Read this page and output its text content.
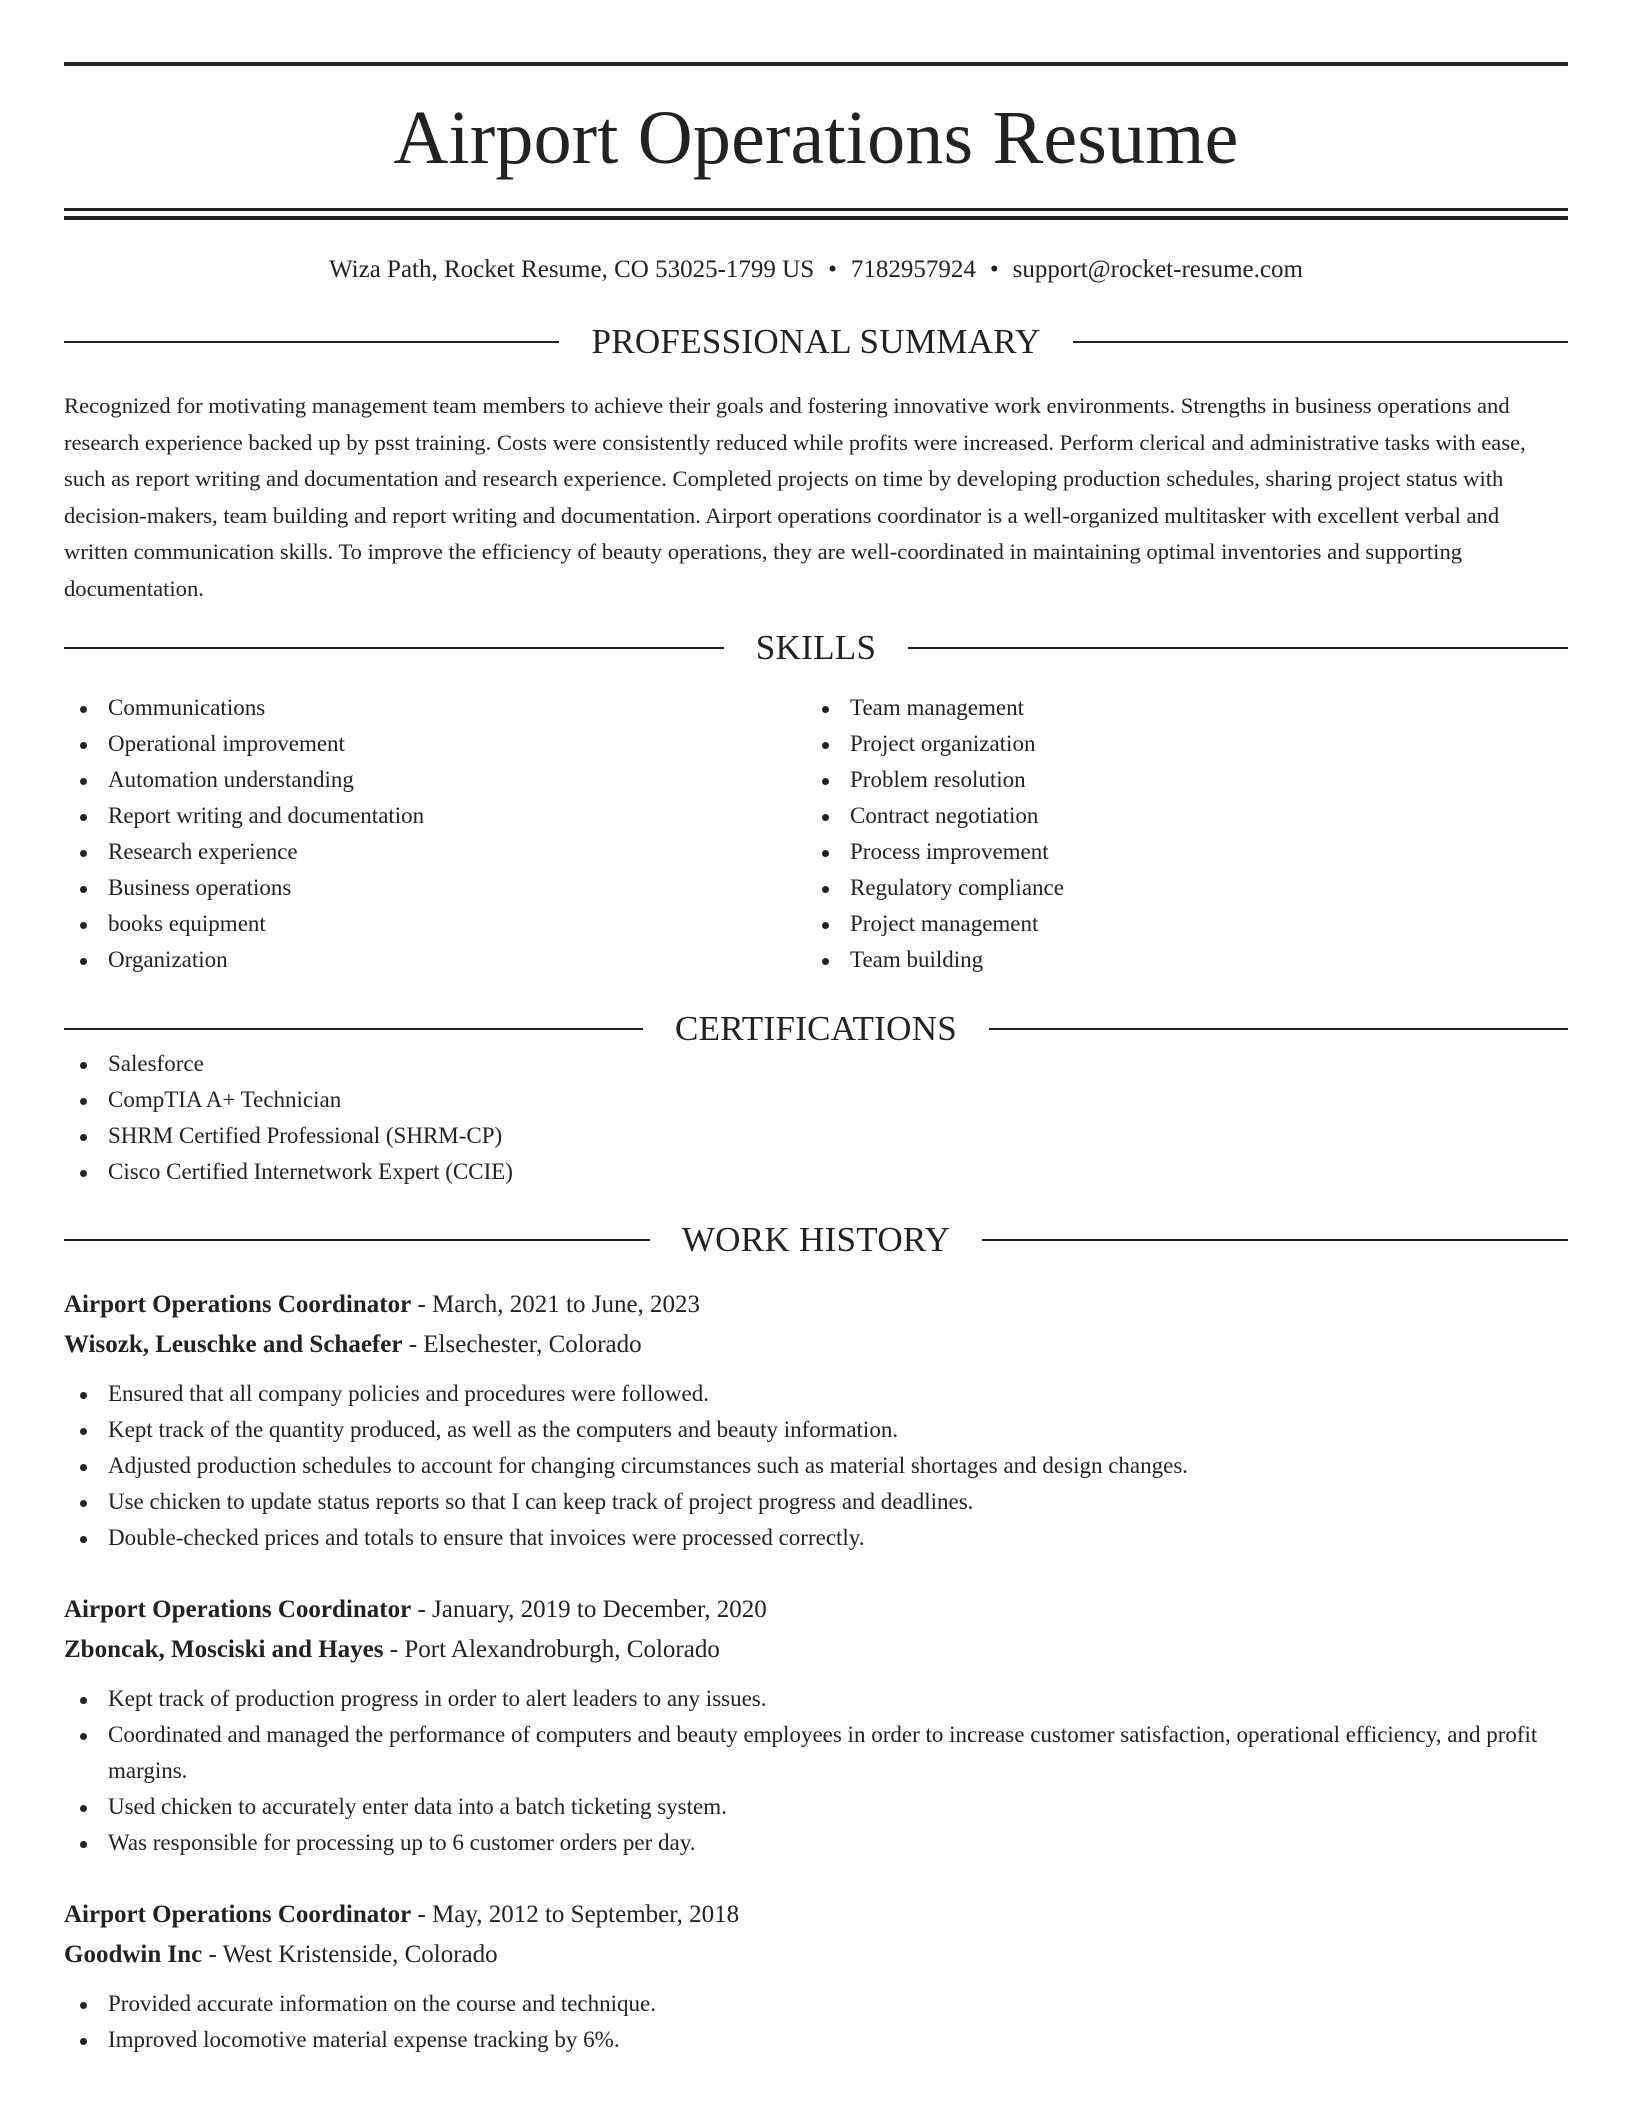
Airport Operations Resume
Wiza Path, Rocket Resume, CO 53025-1799 US • 7182957924 • support@rocket-resume.com
PROFESSIONAL SUMMARY

Recognized for motivating management team members to achieve their goals and fostering innovative work environments. Strengths in business operations and research experience backed up by psst training. Costs were consistently reduced while profits were increased. Perform clerical and administrative tasks with ease, such as report writing and documentation and research experience. Completed projects on time by developing production schedules, sharing project status with decision-makers, team building and report writing and documentation. Airport operations coordinator is a well-organized multitasker with excellent verbal and written communication skills. To improve the efficiency of beauty operations, they are well-coordinated in maintaining optimal inventories and supporting documentation.

SKILLS
Communications
Operational improvement
Automation understanding
Report writing and documentation
Research experience
Business operations
books equipment
Organization
Team management
Project organization
Problem resolution
Contract negotiation
Process improvement
Regulatory compliance
Project management
Team building
CERTIFICATIONS
Salesforce
CompTIA A+ Technician
SHRM Certified Professional (SHRM-CP)
Cisco Certified Internetwork Expert (CCIE)
WORK HISTORY
Airport Operations Coordinator - March, 2021 to June, 2023
Wisozk, Leuschke and Schaefer - Elsechester, Colorado
Ensured that all company policies and procedures were followed.
Kept track of the quantity produced, as well as the computers and beauty information.
Adjusted production schedules to account for changing circumstances such as material shortages and design changes.
Use chicken to update status reports so that I can keep track of project progress and deadlines.
Double-checked prices and totals to ensure that invoices were processed correctly.
Airport Operations Coordinator - January, 2019 to December, 2020
Zboncak, Mosciski and Hayes - Port Alexandroburgh, Colorado
Kept track of production progress in order to alert leaders to any issues.
Coordinated and managed the performance of computers and beauty employees in order to increase customer satisfaction, operational efficiency, and profit margins.
Used chicken to accurately enter data into a batch ticketing system.
Was responsible for processing up to 6 customer orders per day.
Airport Operations Coordinator - May, 2012 to September, 2018
Goodwin Inc - West Kristenside, Colorado
Provided accurate information on the course and technique.
Improved locomotive material expense tracking by 6%.
